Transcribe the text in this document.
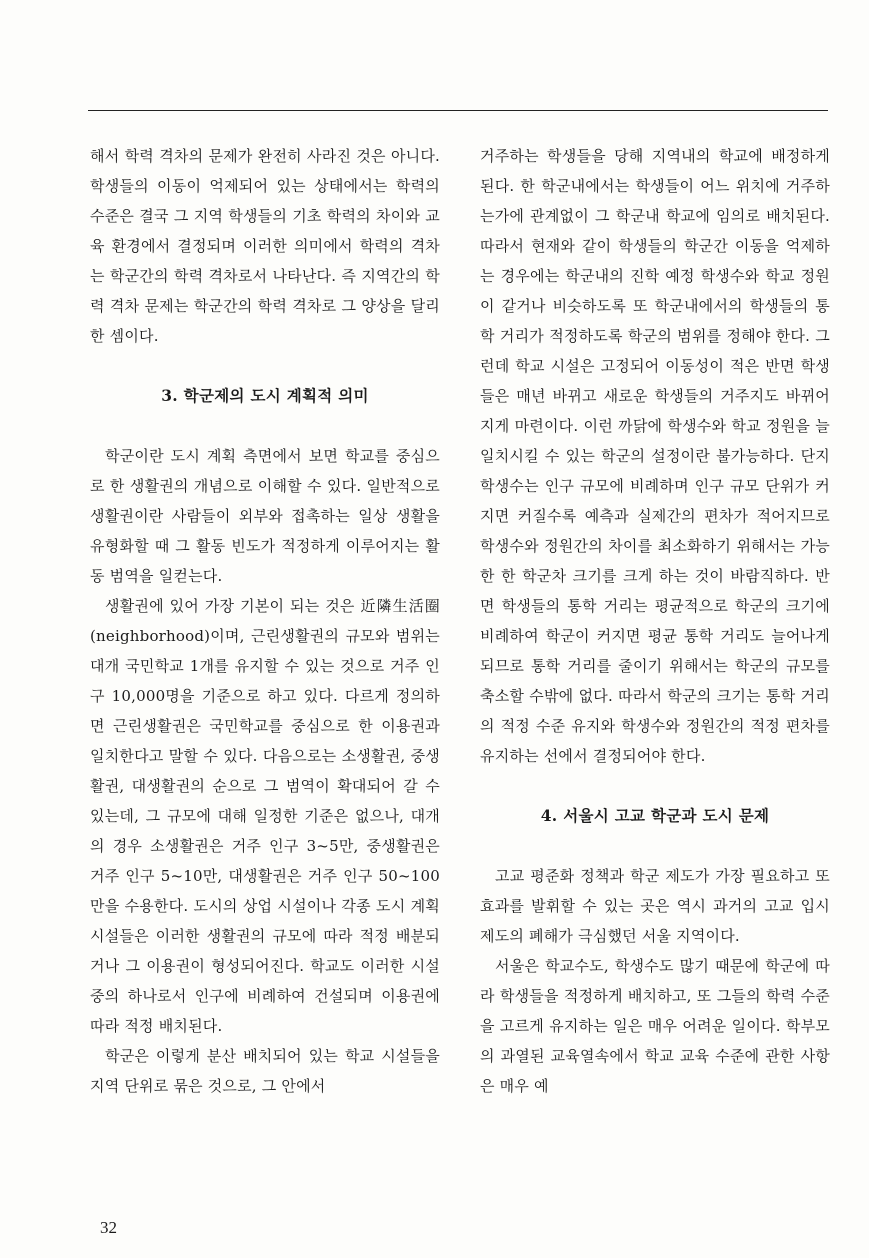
해서 학력 격차의 문제가 완전히 사라진 것은 아니다. 학생들의 이동이 억제되어 있는 상태에서는 학력의 수준은 결국 그 지역 학생들의 기초 학력의 차이와 교육 환경에서 결정되며 이러한 의미에서 학력의 격차는 학군간의 학력 격차로서 나타난다. 즉 지역간의 학력 격차 문제는 학군간의 학력 격차로 그 양상을 달리한 셈이다.

3. 학군제의 도시 계획적 의미

학군이란 도시 계획 측면에서 보면 학교를 중심으로 한 생활권의 개념으로 이해할 수 있다. 일반적으로 생활권이란 사람들이 외부와 접촉하는 일상 생활을 유형화할 때 그 활동 빈도가 적정하게 이루어지는 활동 범역을 일컫는다.

생활권에 있어 가장 기본이 되는 것은 近隣生活圈(neighborhood)이며, 근린생활권의 규모와 범위는 대개 국민학교 1개를 유지할 수 있는 것으로 거주 인구 10,000명을 기준으로 하고 있다. 다르게 정의하면 근린생활권은 국민학교를 중심으로 한 이용권과 일치한다고 말할 수 있다. 다음으로는 소생활권, 중생활권, 대생활권의 순으로 그 범역이 확대되어 갈 수 있는데, 그 규모에 대해 일정한 기준은 없으나, 대개의 경우 소생활권은 거주 인구 3~5만, 중생활권은 거주 인구 5~10만, 대생활권은 거주 인구 50~100만을 수용한다. 도시의 상업 시설이나 각종 도시 계획 시설들은 이러한 생활권의 규모에 따라 적정 배분되거나 그 이용권이 형성되어진다. 학교도 이러한 시설 중의 하나로서 인구에 비례하여 건설되며 이용권에 따라 적정 배치된다.

학군은 이렇게 분산 배치되어 있는 학교 시설들을 지역 단위로 묶은 것으로, 그 안에서

거주하는 학생들을 당해 지역내의 학교에 배정하게 된다. 한 학군내에서는 학생들이 어느 위치에 거주하는가에 관계없이 그 학군내 학교에 임의로 배치된다. 따라서 현재와 같이 학생들의 학군간 이동을 억제하는 경우에는 학군내의 진학 예정 학생수와 학교 정원이 같거나 비슷하도록 또 학군내에서의 학생들의 통학 거리가 적정하도록 학군의 범위를 정해야 한다. 그런데 학교 시설은 고정되어 이동성이 적은 반면 학생들은 매년 바뀌고 새로운 학생들의 거주지도 바뀌어지게 마련이다. 이런 까닭에 학생수와 학교 정원을 늘 일치시킬 수 있는 학군의 설정이란 불가능하다. 단지 학생수는 인구 규모에 비례하며 인구 규모 단위가 커지면 커질수록 예측과 실제간의 편차가 적어지므로 학생수와 정원간의 차이를 최소화하기 위해서는 가능한 한 학군차 크기를 크게 하는 것이 바람직하다. 반면 학생들의 통학 거리는 평균적으로 학군의 크기에 비례하여 학군이 커지면 평균 통학 거리도 늘어나게 되므로 통학 거리를 줄이기 위해서는 학군의 규모를 축소할 수밖에 없다. 따라서 학군의 크기는 통학 거리의 적정 수준 유지와 학생수와 정원간의 적정 편차를 유지하는 선에서 결정되어야 한다.

4. 서울시 고교 학군과 도시 문제

고교 평준화 정책과 학군 제도가 가장 필요하고 또 효과를 발휘할 수 있는 곳은 역시 과거의 고교 입시 제도의 폐해가 극심했던 서울 지역이다.

서울은 학교수도, 학생수도 많기 때문에 학군에 따라 학생들을 적정하게 배치하고, 또 그들의 학력 수준을 고르게 유지하는 일은 매우 어려운 일이다. 학부모의 과열된 교육열속에서 학교 교육 수준에 관한 사항은 매우 예

32
